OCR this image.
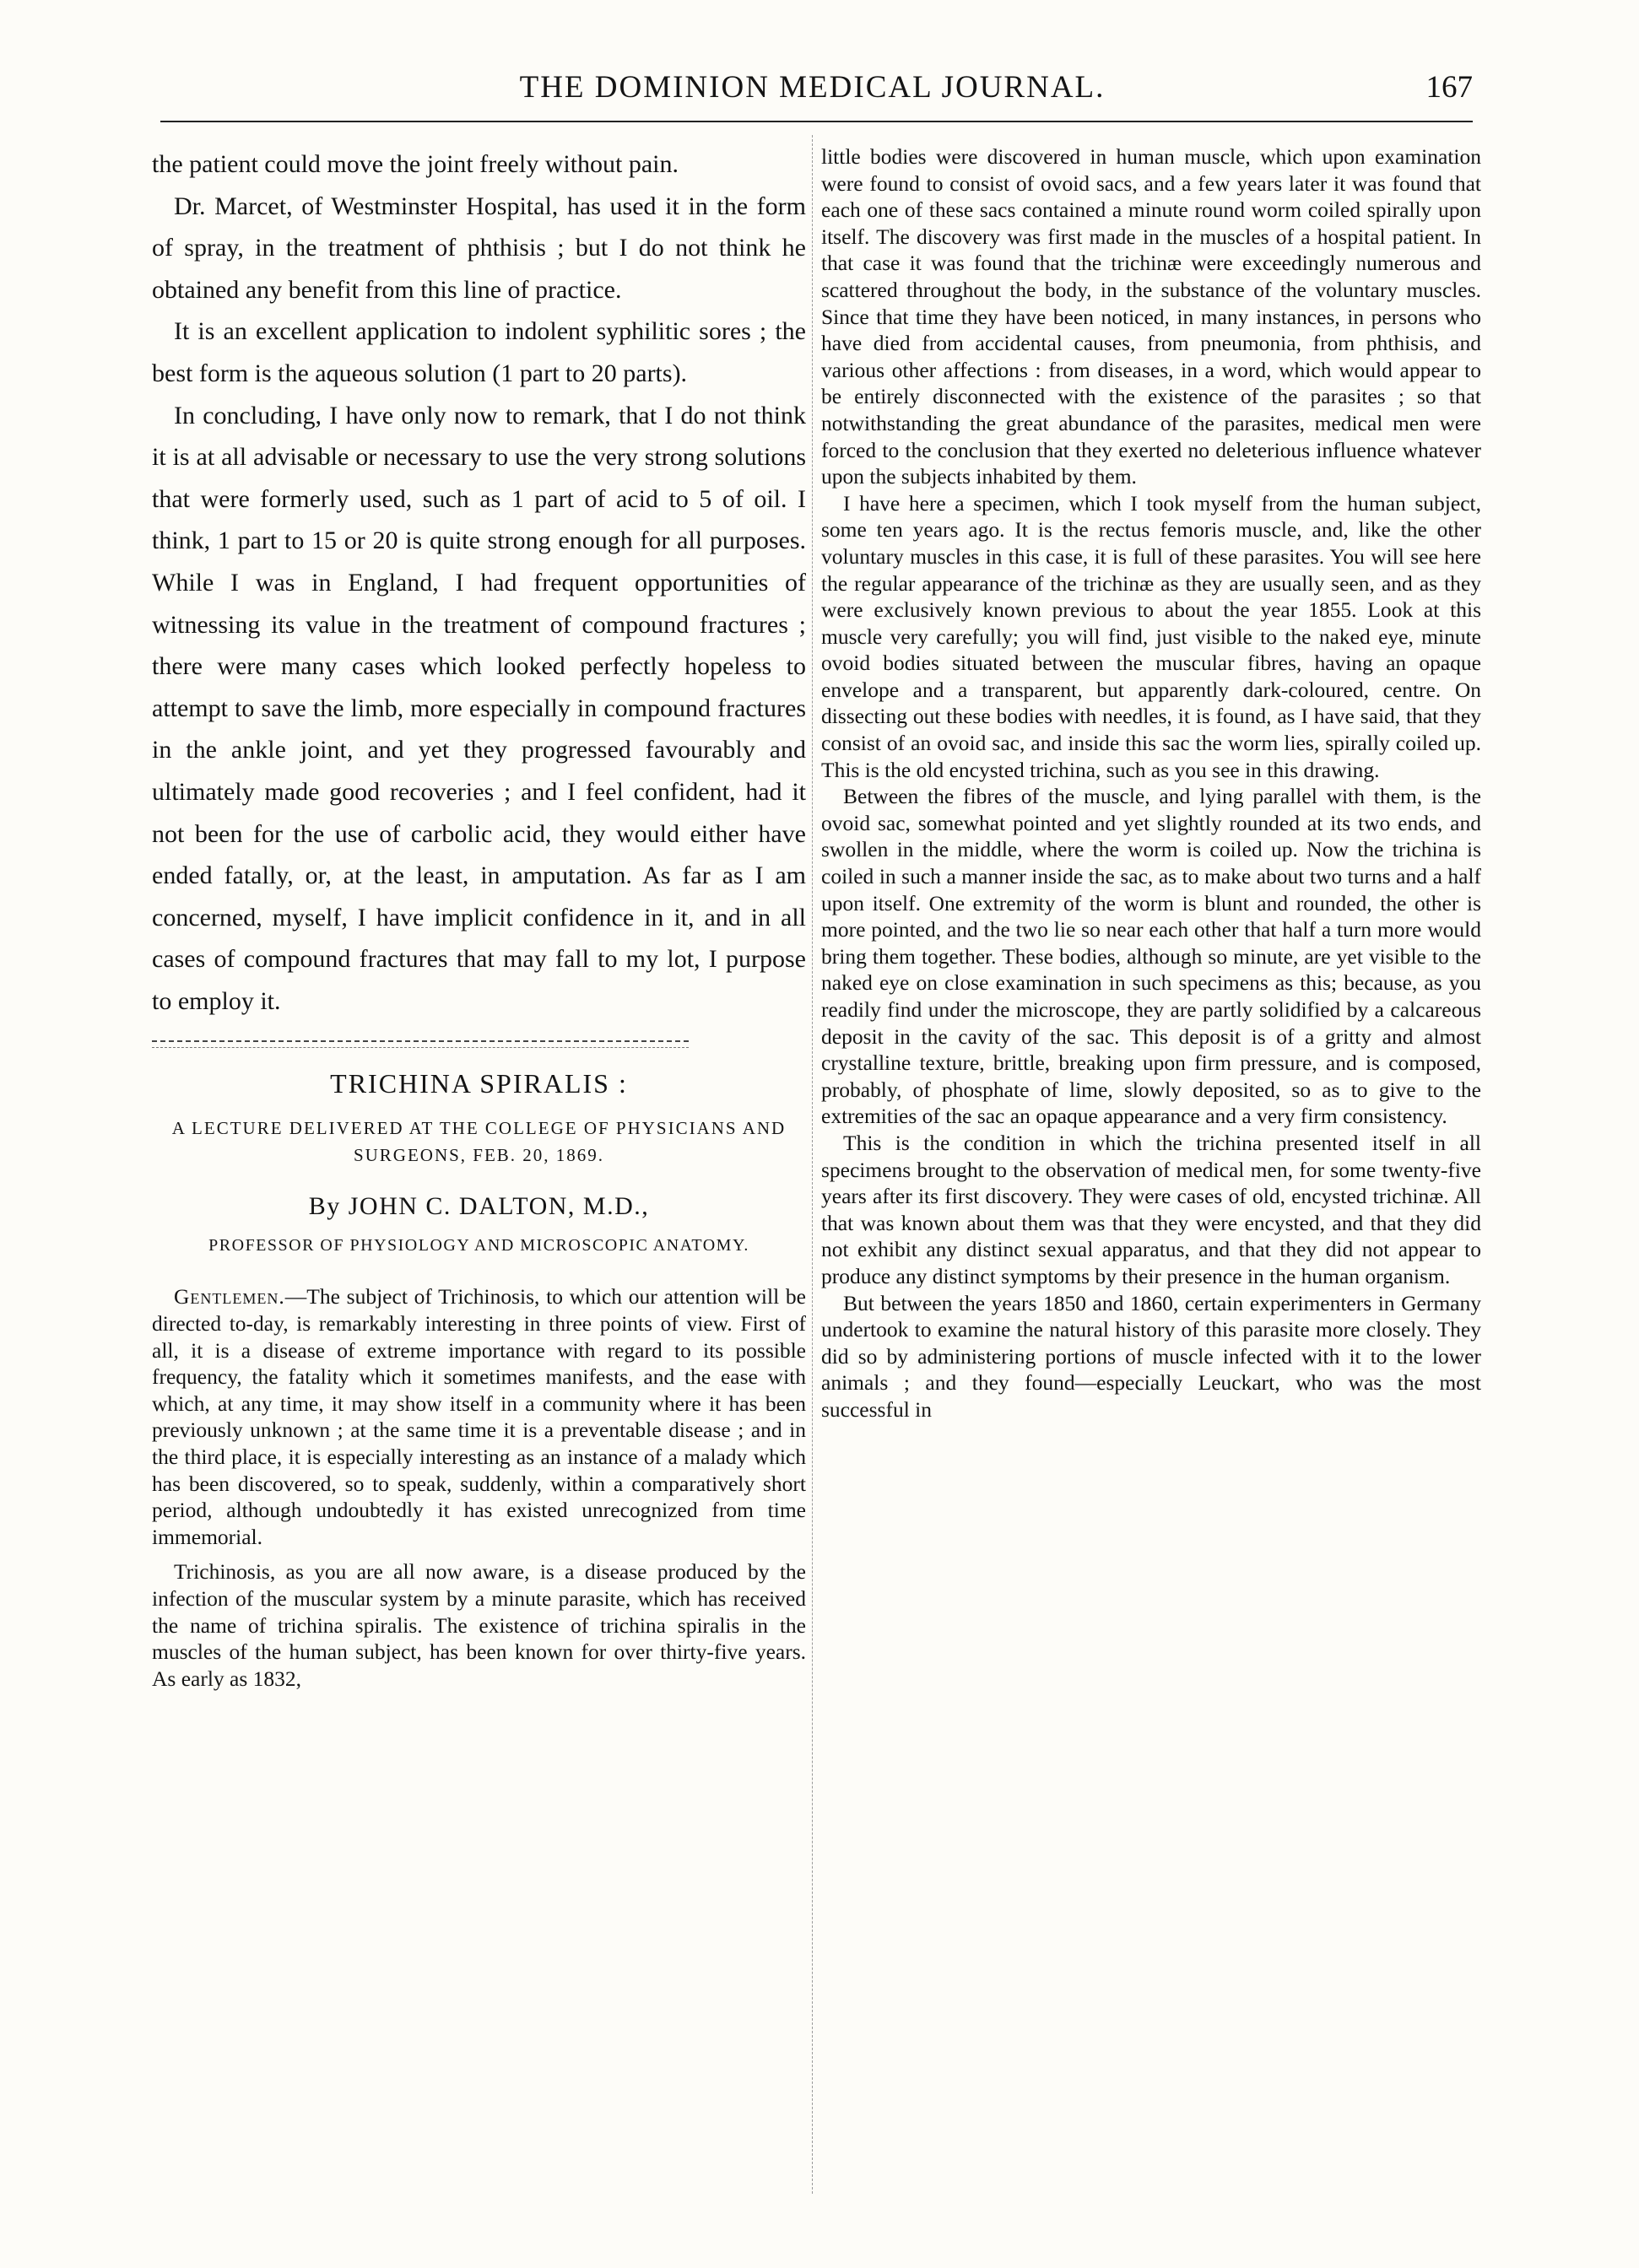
THE DOMINION MEDICAL JOURNAL.	167

the patient could move the joint freely without pain.

Dr. Marcet, of Westminster Hospital, has used it in the form of spray, in the treatment of phthisis ; but I do not think he obtained any benefit from this line of practice.

It is an excellent application to indolent syphilitic sores ; the best form is the aqueous solution (1 part to 20 parts).

In concluding, I have only now to remark, that I do not think it is at all advisable or necessary to use the very strong solutions that were formerly used, such as 1 part of acid to 5 of oil. I think, 1 part to 15 or 20 is quite strong enough for all purposes. While I was in England, I had frequent opportunities of witnessing its value in the treatment of compound fractures ; there were many cases which looked perfectly hopeless to attempt to save the limb, more especially in compound fractures in the ankle joint, and yet they progressed favourably and ultimately made good recoveries ; and I feel confident, had it not been for the use of carbolic acid, they would either have ended fatally, or, at the least, in amputation. As far as I am concerned, myself, I have implicit confidence in it, and in all cases of compound fractures that may fall to my lot, I purpose to employ it.

TRICHINA SPIRALIS :
A LECTURE DELIVERED AT THE COLLEGE OF PHYSICIANS AND SURGEONS, FEB. 20, 1869.
By JOHN C. DALTON, M.D.,
PROFESSOR OF PHYSIOLOGY AND MICROSCOPIC ANATOMY.

Gentlemen.—The subject of Trichinosis, to which our attention will be directed to-day, is remarkably interesting in three points of view. First of all, it is a disease of extreme importance with regard to its possible frequency, the fatality which it sometimes manifests, and the ease with which, at any time, it may show itself in a community where it has been previously unknown ; at the same time it is a preventable disease ; and in the third place, it is especially interesting as an instance of a malady which has been discovered, so to speak, suddenly, within a comparatively short period, although undoubtedly it has existed unrecognized from time immemorial.

Trichinosis, as you are all now aware, is a disease produced by the infection of the muscular system by a minute parasite, which has received the name of trichina spiralis. The existence of trichina spiralis in the muscles of the human subject, has been known for over thirty-five years. As early as 1832,

little bodies were discovered in human muscle, which upon examination were found to consist of ovoid sacs, and a few years later it was found that each one of these sacs contained a minute round worm coiled spirally upon itself. The discovery was first made in the muscles of a hospital patient. In that case it was found that the trichinæ were exceedingly numerous and scattered throughout the body, in the substance of the voluntary muscles. Since that time they have been noticed, in many instances, in persons who have died from accidental causes, from pneumonia, from phthisis, and various other affections : from diseases, in a word, which would appear to be entirely disconnected with the existence of the parasites ; so that notwithstanding the great abundance of the parasites, medical men were forced to the conclusion that they exerted no deleterious influence whatever upon the subjects inhabited by them.

I have here a specimen, which I took myself from the human subject, some ten years ago. It is the rectus femoris muscle, and, like the other voluntary muscles in this case, it is full of these parasites. You will see here the regular appearance of the trichinæ as they are usually seen, and as they were exclusively known previous to about the year 1855. Look at this muscle very carefully; you will find, just visible to the naked eye, minute ovoid bodies situated between the muscular fibres, having an opaque envelope and a transparent, but apparently dark-coloured, centre. On dissecting out these bodies with needles, it is found, as I have said, that they consist of an ovoid sac, and inside this sac the worm lies, spirally coiled up. This is the old encysted trichina, such as you see in this drawing.

Between the fibres of the muscle, and lying parallel with them, is the ovoid sac, somewhat pointed and yet slightly rounded at its two ends, and swollen in the middle, where the worm is coiled up. Now the trichina is coiled in such a manner inside the sac, as to make about two turns and a half upon itself. One extremity of the worm is blunt and rounded, the other is more pointed, and the two lie so near each other that half a turn more would bring them together. These bodies, although so minute, are yet visible to the naked eye on close examination in such specimens as this; because, as you readily find under the microscope, they are partly solidified by a calcareous deposit in the cavity of the sac. This deposit is of a gritty and almost crystalline texture, brittle, breaking upon firm pressure, and is composed, probably, of phosphate of lime, slowly deposited, so as to give to the extremities of the sac an opaque appearance and a very firm consistency.

This is the condition in which the trichina presented itself in all specimens brought to the observation of medical men, for some twenty-five years after its first discovery. They were cases of old, encysted trichinæ. All that was known about them was that they were encysted, and that they did not exhibit any distinct sexual apparatus, and that they did not appear to produce any distinct symptoms by their presence in the human organism.

But between the years 1850 and 1860, certain experimenters in Germany undertook to examine the natural history of this parasite more closely. They did so by administering portions of muscle infected with it to the lower animals ; and they found—especially Leuckart, who was the most successful in
